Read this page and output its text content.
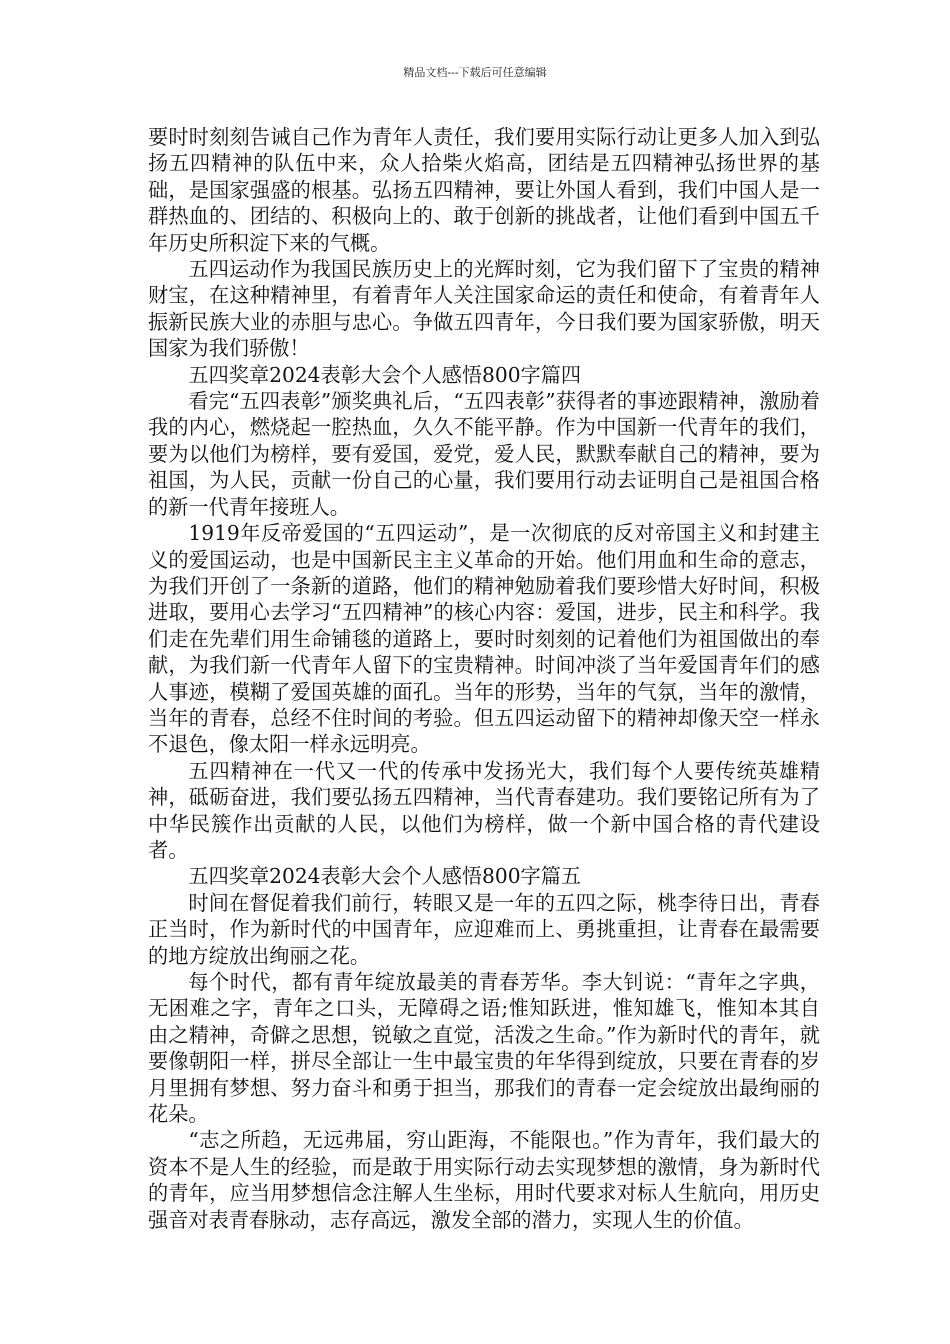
精品文档---下载后可任意编辑

要时时刻刻告诫自己作为青年人责任，我们要用实际行动让更多人加入到弘扬五四精神的队伍中来，众人拾柴火焰高，团结是五四精神弘扬世界的基础，是国家强盛的根基。弘扬五四精神，要让外国人看到，我们中国人是一群热血的、团结的、积极向上的、敢于创新的挑战者，让他们看到中国五千年历史所积淀下来的气概。

五四运动作为我国民族历史上的光辉时刻，它为我们留下了宝贵的精神财宝，在这种精神里，有着青年人关注国家命运的责任和使命，有着青年人振新民族大业的赤胆与忠心。争做五四青年，今日我们要为国家骄傲，明天国家为我们骄傲！

五四奖章2024表彰大会个人感悟800字篇四

看完“五四表彰”颁奖典礼后，“五四表彰”获得者的事迹跟精神，激励着我的内心，燃烧起一腔热血，久久不能平静。作为中国新一代青年的我们，要为以他们为榜样，要有爱国，爱党，爱人民，默默奉献自己的精神，要为祖国，为人民，贡献一份自己的心量，我们要用行动去证明自己是祖国合格的新一代青年接班人。

1919年反帝爱国的“五四运动”，是一次彻底的反对帝国主义和封建主义的爱国运动，也是中国新民主主义革命的开始。他们用血和生命的意志，为我们开创了一条新的道路，他们的精神勉励着我们要珍惜大好时间，积极进取，要用心去学习“五四精神”的核心内容：爱国，进步，民主和科学。我们走在先辈们用生命铺毯的道路上，要时时刻刻的记着他们为祖国做出的奉献，为我们新一代青年人留下的宝贵精神。时间冲淡了当年爱国青年们的感人事迹，模糊了爱国英雄的面孔。当年的形势，当年的气氛，当年的激情，当年的青春，总经不住时间的考验。但五四运动留下的精神却像天空一样永不退色，像太阳一样永远明亮。

五四精神在一代又一代的传承中发扬光大，我们每个人要传统英雄精神，砥砺奋进，我们要弘扬五四精神，当代青春建功。我们要铭记所有为了中华民簇作出贡献的人民，以他们为榜样，做一个新中国合格的青代建设者。

五四奖章2024表彰大会个人感悟800字篇五

时间在督促着我们前行，转眼又是一年的五四之际，桃李待日出，青春正当时，作为新时代的中国青年，应迎难而上、勇挑重担，让青春在最需要的地方绽放出绚丽之花。

每个时代，都有青年绽放最美的青春芳华。李大钊说：“青年之字典，无困难之字，青年之口头，无障碍之语;惟知跃进，惟知雄飞，惟知本其自由之精神，奇僻之思想，锐敏之直觉，活泼之生命。”作为新时代的青年，就要像朝阳一样，拼尽全部让一生中最宝贵的年华得到绽放，只要在青春的岁月里拥有梦想、努力奋斗和勇于担当，那我们的青春一定会绽放出最绚丽的花朵。

“志之所趋，无远弗届，穷山距海，不能限也。”作为青年，我们最大的资本不是人生的经验，而是敢于用实际行动去实现梦想的激情，身为新时代的青年，应当用梦想信念注解人生坐标，用时代要求对标人生航向，用历史强音对表青春脉动，志存高远，激发全部的潜力，实现人生的价值。
